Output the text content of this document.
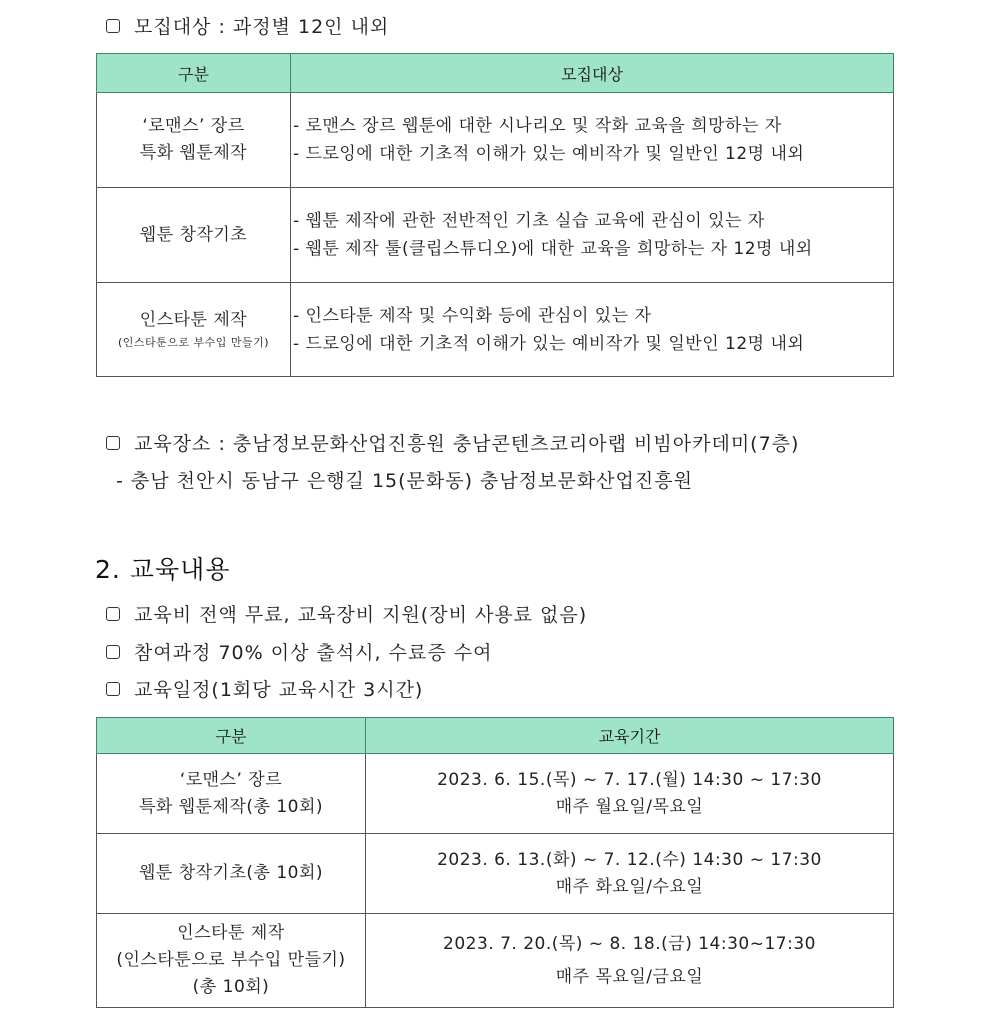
모집대상 : 과정별 12인 내외
구분	모집대상
‘로맨스’ 장르
특화 웹툰제작	- 로맨스 장르 웹툰에 대한 시나리오 및 작화 교육을 희망하는 자
- 드로잉에 대한 기초적 이해가 있는 예비작가 및 일반인 12명 내외
웹툰 창작기초	- 웹툰 제작에 관한 전반적인 기초 실습 교육에 관심이 있는 자
- 웹툰 제작 툴(클립스튜디오)에 대한 교육을 희망하는 자 12명 내외
인스타툰 제작
(인스타툰으로 부수입 만들기)	- 인스타툰 제작 및 수익화 등에 관심이 있는 자
- 드로잉에 대한 기초적 이해가 있는 예비작가 및 일반인 12명 내외
교육장소 : 충남정보문화산업진흥원 충남콘텐츠코리아랩 비빔아카데미(7층)
- 충남 천안시 동남구 은행길 15(문화동) 충남정보문화산업진흥원
2. 교육내용
교육비 전액 무료, 교육장비 지원(장비 사용료 없음)
참여과정 70% 이상 출석시, 수료증 수여
교육일정(1회당 교육시간 3시간)
구분	교육기간
‘로맨스’ 장르
특화 웹툰제작(총 10회)	2023. 6. 15.(목) ~ 7. 17.(월) 14:30 ~ 17:30
매주 월요일/목요일
웹툰 창작기초(총 10회)	2023. 6. 13.(화) ~ 7. 12.(수) 14:30 ~ 17:30
매주 화요일/수요일
인스타툰 제작
(인스타툰으로 부수입 만들기)
(총 10회)	2023. 7. 20.(목) ~ 8. 18.(금) 14:30~17:30
매주 목요일/금요일
